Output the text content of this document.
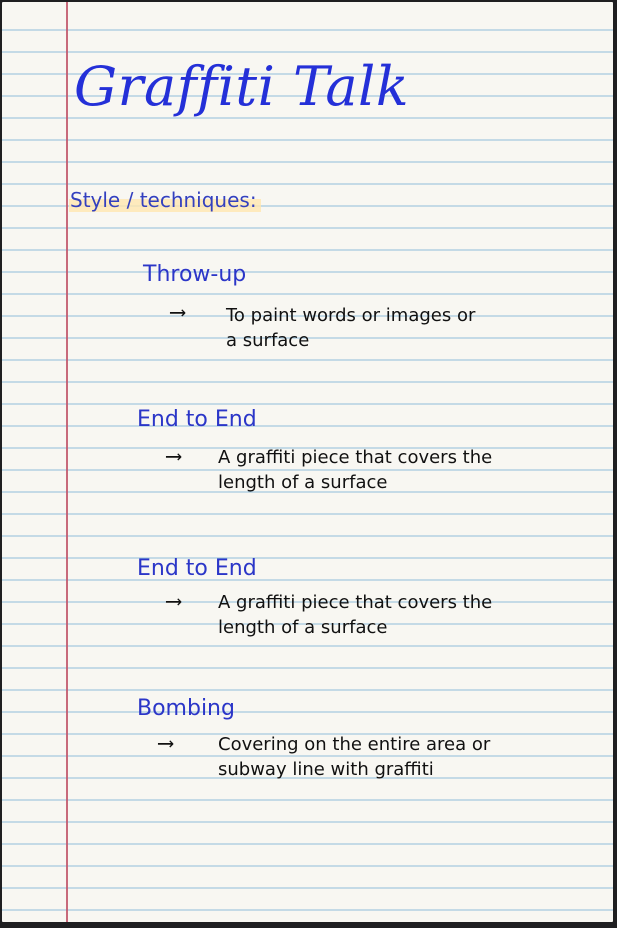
Graffiti Talk
Style / techniques:
Throw-up
⟶ To paint words or images or
a surface
End to End
⟶ A graffiti piece that covers the
length of a surface
End to End
⟶ A graffiti piece that covers the
length of a surface
Bombing
⟶	Covering on the entire area or
subway line with graffiti
